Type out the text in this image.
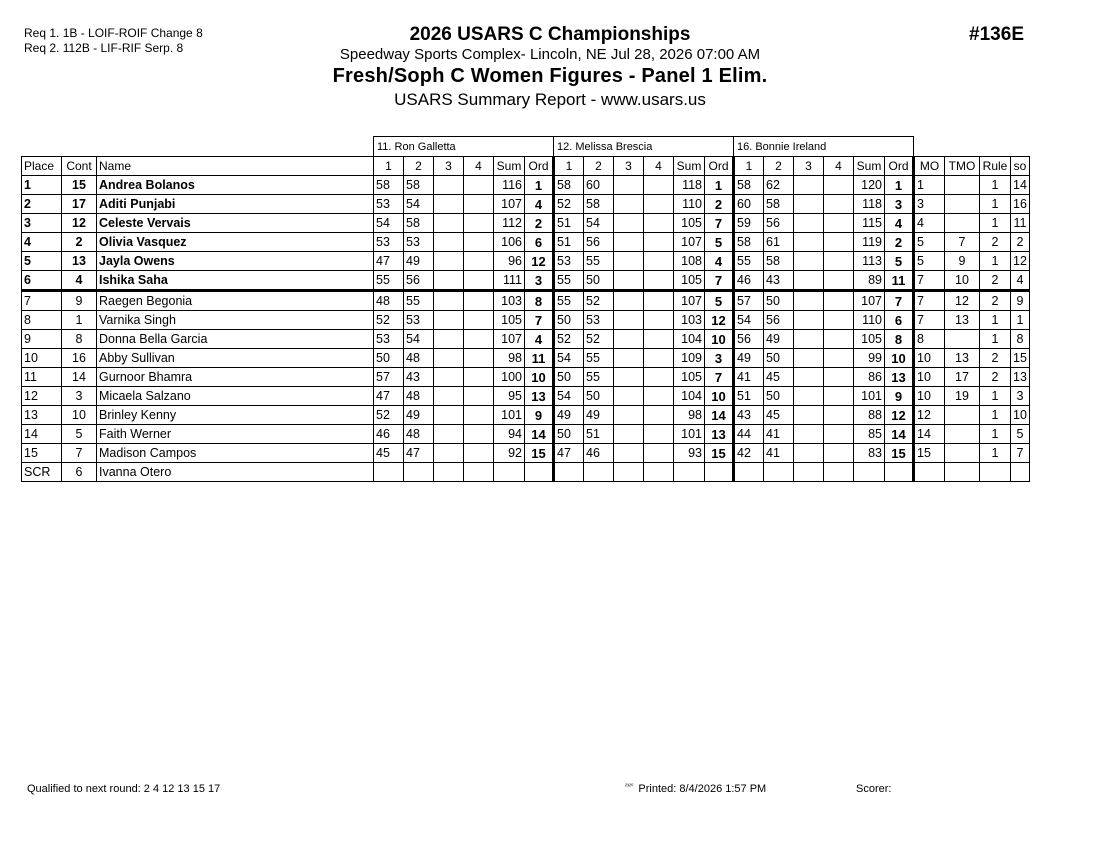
Req 1. 1B - LOIF-ROIF Change 8
Req 2. 112B - LIF-RIF Serp. 8
2026 USARS C Championships
Speedway Sports Complex- Lincoln, NE Jul 28, 2026 07:00 AM
Fresh/Soph C Women Figures - Panel 1 Elim.
USARS Summary Report - www.usars.us
#136E
			11. Ron Galletta						12. Melissa Brescia						16. Bonnie Ireland									
Place	Cont	Name	1	2	3	4	Sum	Ord	1	2	3	4	Sum	Ord	1	2	3	4	Sum	Ord	MO	TMO	Rule	so
1	15	Andrea Bolanos	58	58			116	1	58	60			118	1	58	62			120	1	1		1	14
2	17	Aditi Punjabi	53	54			107	4	52	58			110	2	60	58			118	3	3		1	16
3	12	Celeste Vervais	54	58			112	2	51	54			105	7	59	56			115	4	4		1	11
4	2	Olivia Vasquez	53	53			106	6	51	56			107	5	58	61			119	2	5	7	2	2
5	13	Jayla Owens	47	49			96	12	53	55			108	4	55	58			113	5	5	9	1	12
6	4	Ishika Saha	55	56			111	3	55	50			105	7	46	43			89	11	7	10	2	4
7	9	Raegen Begonia	48	55			103	8	55	52			107	5	57	50			107	7	7	12	2	9
8	1	Varnika Singh	52	53			105	7	50	53			103	12	54	56			110	6	7	13	1	1
9	8	Donna Bella Garcia	53	54			107	4	52	52			104	10	56	49			105	8	8		1	8
10	16	Abby Sullivan	50	48			98	11	54	55			109	3	49	50			99	10	10	13	2	15
11	14	Gurnoor Bhamra	57	43			100	10	50	55			105	7	41	45			86	13	10	17	2	13
12	3	Micaela Salzano	47	48			95	13	54	50			104	10	51	50			101	9	10	19	1	3
13	10	Brinley Kenny	52	49			101	9	49	49			98	14	43	45			88	12	12		1	10
14	5	Faith Werner	46	48			94	14	50	51			101	13	44	41			85	14	14		1	5
15	7	Madison Campos	45	47			92	15	47	46			93	15	42	41			83	15	15		1	7
SCR	6	Ivanna Otero																						
Qualified to next round: 2 4 12 13 15 17	$^{^{2320}}$ Printed: 8/4/2026 1:57 PM	Scorer:
